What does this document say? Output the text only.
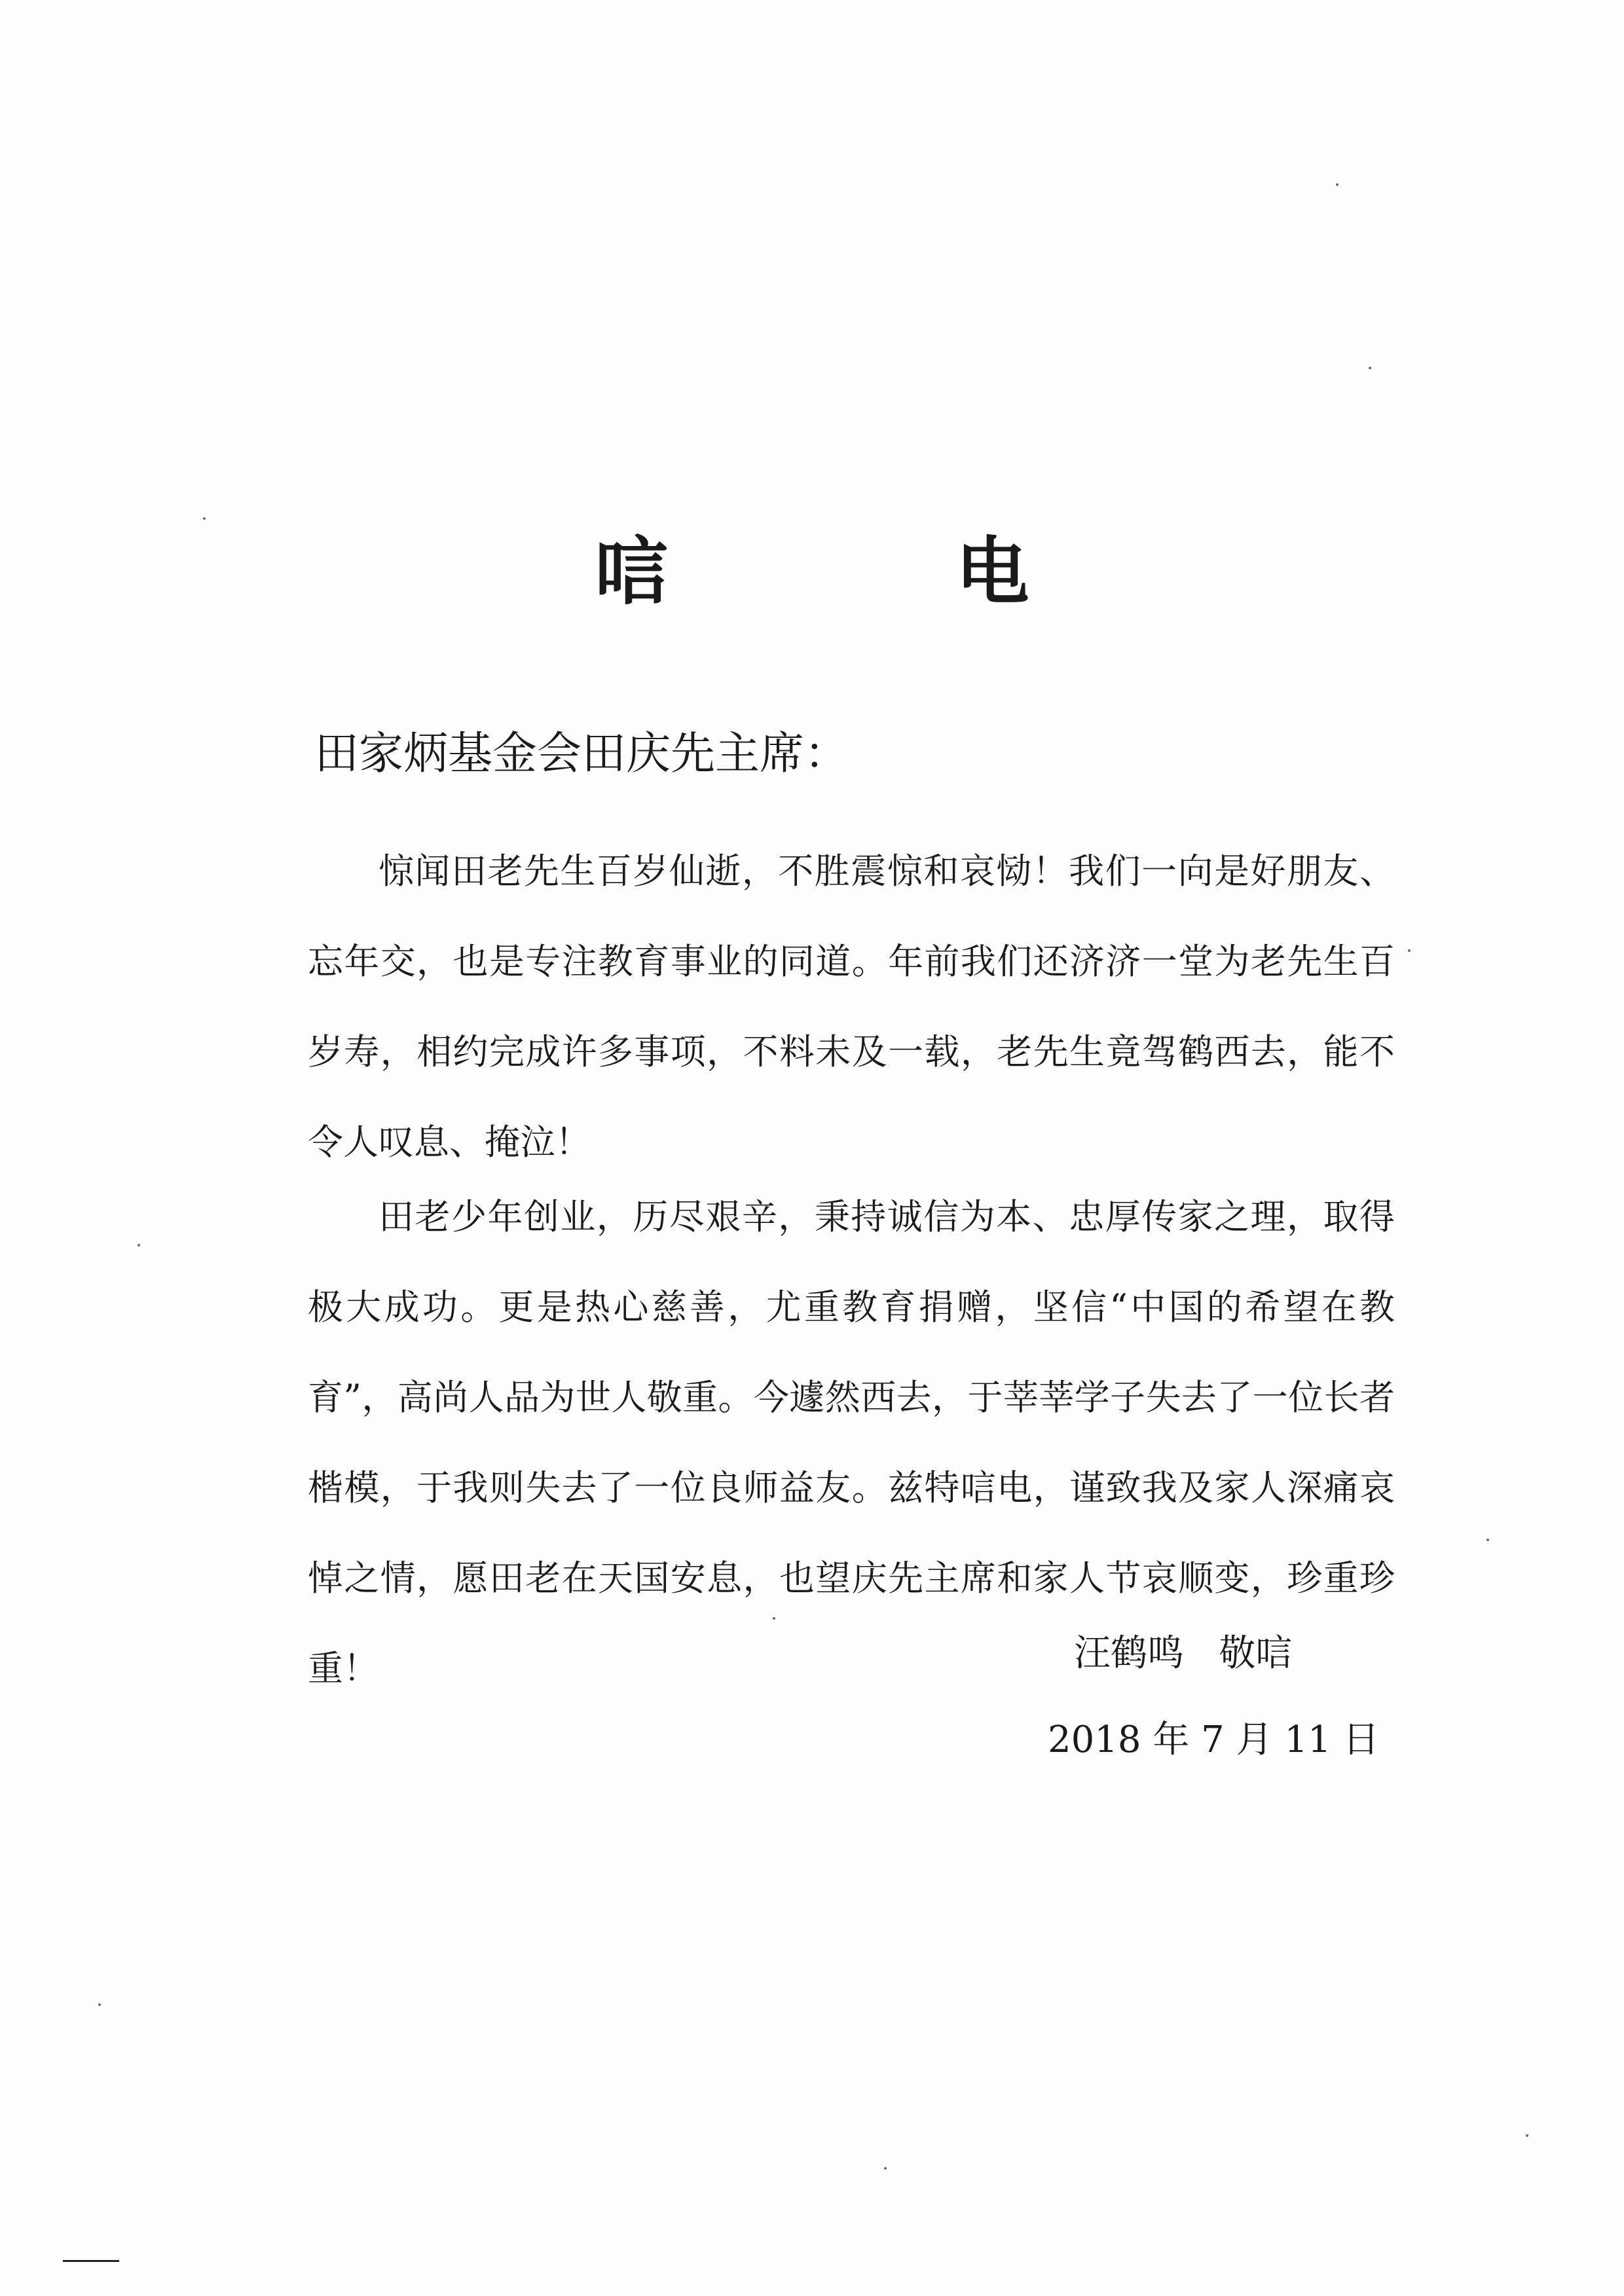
唁 电
田家炳基金会田庆先主席：

惊闻田老先生百岁仙逝，不胜震惊和哀恸！我们一向是好朋友、忘年交，也是专注教育事业的同道。年前我们还济济一堂为老先生百岁寿，相约完成许多事项，不料未及一载，老先生竟驾鹤西去，能不令人叹息、掩泣！

田老少年创业，历尽艰辛，秉持诚信为本、忠厚传家之理，取得极大成功。更是热心慈善，尤重教育捐赠，坚信“中国的希望在教育”，高尚人品为世人敬重。今遽然西去，于莘莘学子失去了一位长者楷模，于我则失去了一位良师益友。兹特唁电，谨致我及家人深痛哀悼之情，愿田老在天国安息，也望庆先主席和家人节哀顺变，珍重珍重！	汪鹤鸣   敬唁
2018 年 7 月 11 日
